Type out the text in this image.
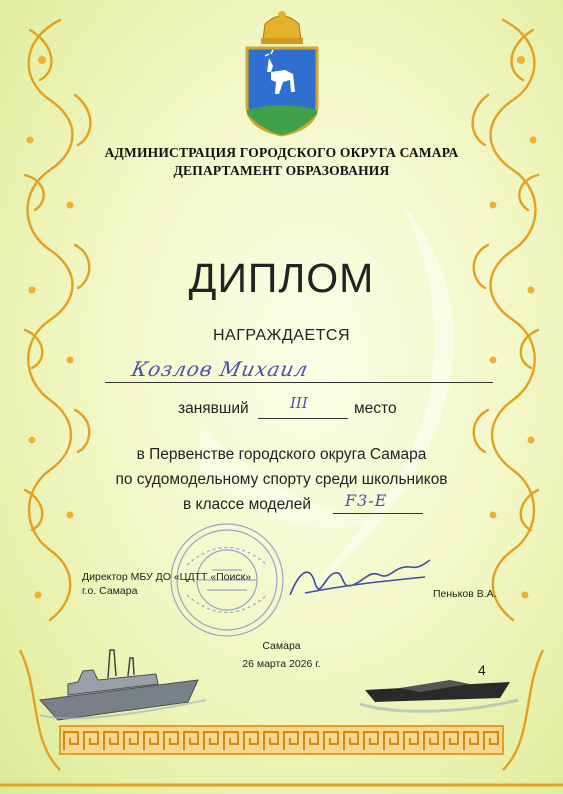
АДМИНИСТРАЦИЯ ГОРОДСКОГО ОКРУГА САМАРА
ДЕПАРТАМЕНТ ОБРАЗОВАНИЯ
ДИПЛОМ
НАГРАЖДАЕТСЯ
Козлов Михаил
занявший	III	место
в Первенстве городского округа Самара
по судомодельному спорту среди школьников
в классе моделей F3-E
Директор МБУ ДО «ЦДТТ «Поиск»
г.о. Самара	Пеньков В.А.
Самара
26 марта 2026 г.	4
